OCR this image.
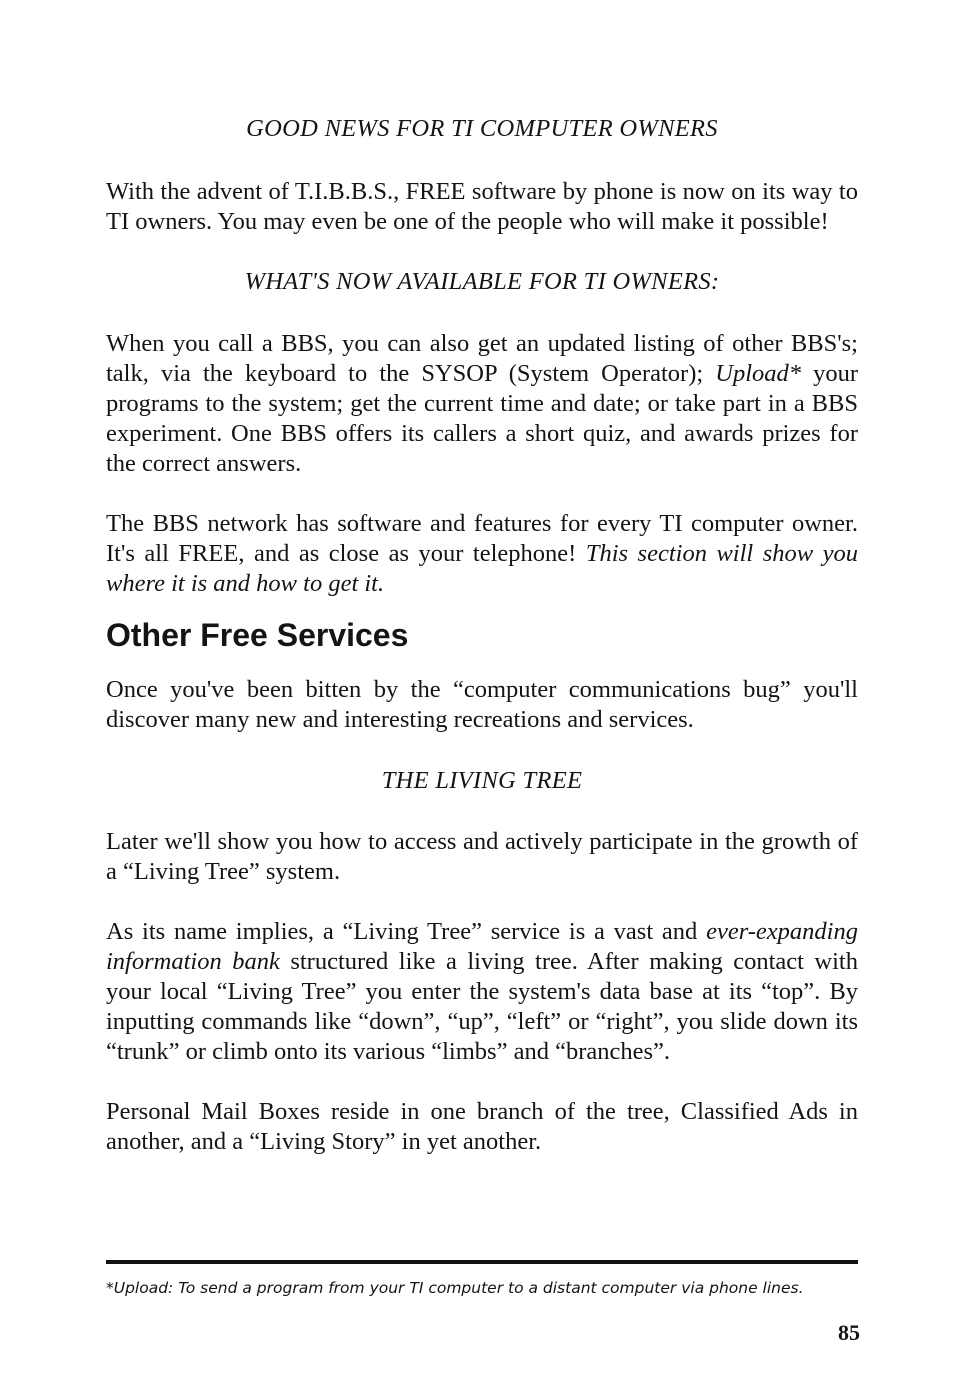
GOOD NEWS FOR TI COMPUTER OWNERS

With the advent of T.I.B.B.S., FREE software by phone is now on its way to TI owners. You may even be one of the people who will make it possible!

WHAT'S NOW AVAILABLE FOR TI OWNERS:

When you call a BBS, you can also get an updated listing of other BBS's; talk, via the keyboard to the SYSOP (System Operator); Upload* your programs to the system; get the current time and date; or take part in a BBS experiment. One BBS offers its callers a short quiz, and awards prizes for the correct answers.

The BBS network has software and features for every TI computer owner. It's all FREE, and as close as your telephone! This section will show you where it is and how to get it.

Other Free Services

Once you've been bitten by the “computer communications bug” you'll discover many new and interesting recreations and services.

THE LIVING TREE

Later we'll show you how to access and actively participate in the growth of a “Living Tree” system.

As its name implies, a “Living Tree” service is a vast and ever-expanding information bank structured like a living tree. After making contact with your local “Living Tree” you enter the system's data base at its “top”. By inputting commands like “down”, “up”, “left” or “right”, you slide down its “trunk” or climb onto its various “limbs” and “branches”.

Personal Mail Boxes reside in one branch of the tree, Classified Ads in another, and a “Living Story” in yet another.

*Upload: To send a program from your TI computer to a distant computer via phone lines.
85
